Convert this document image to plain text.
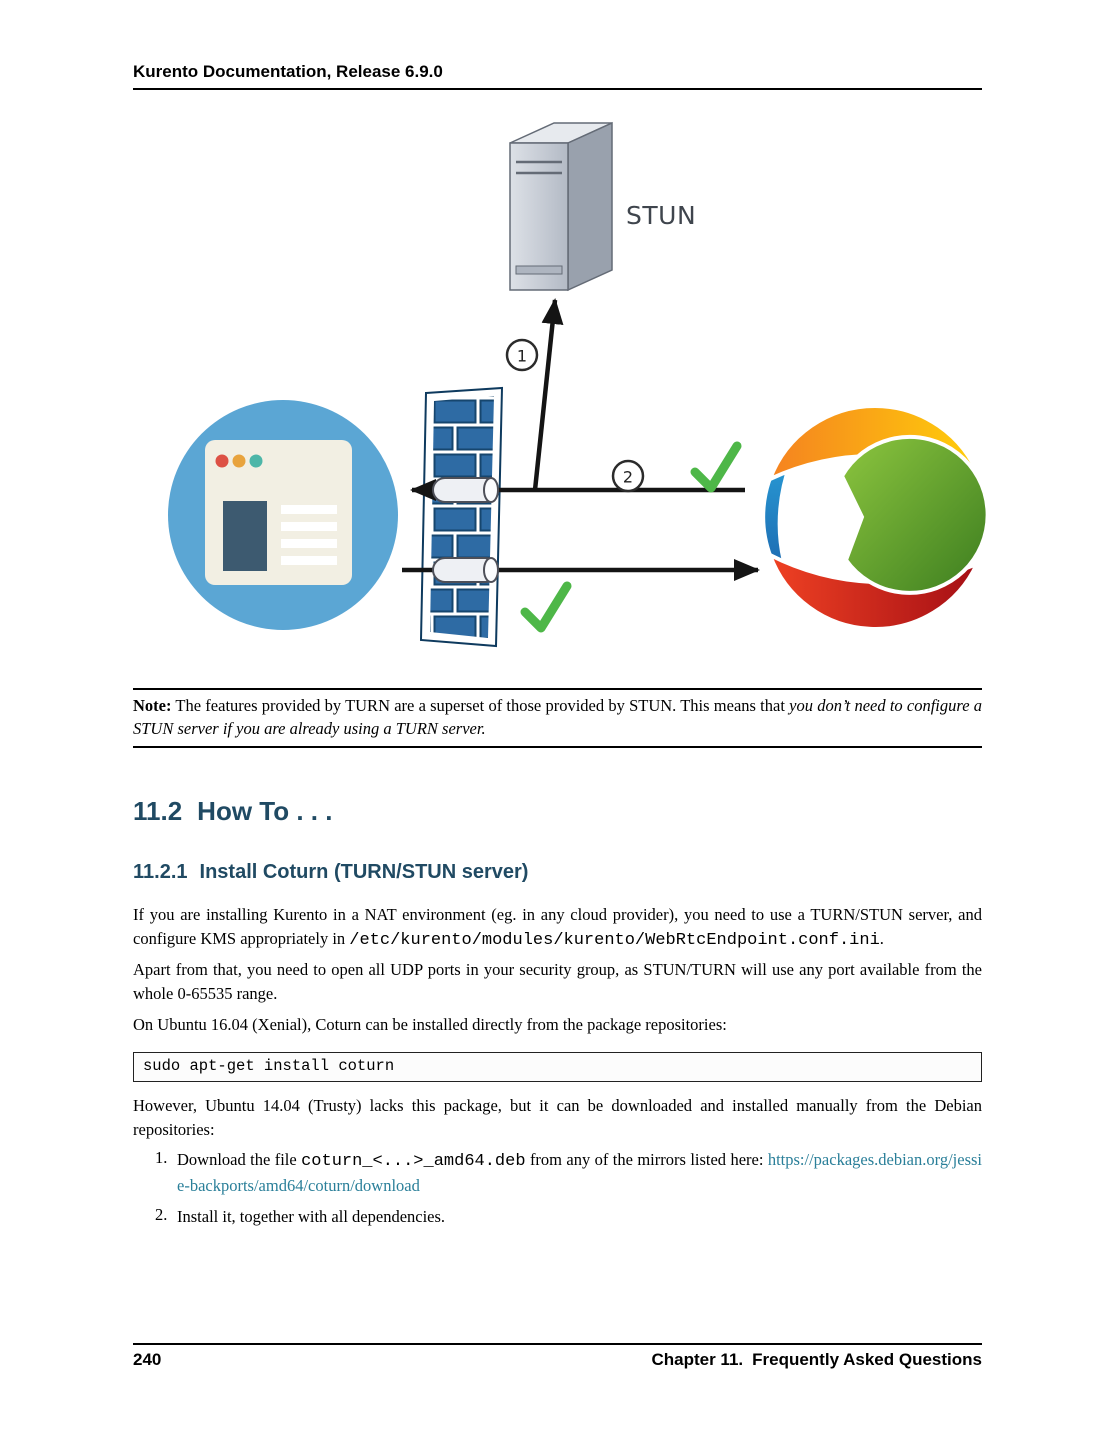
Kurento Documentation, Release 6.9.0
STUN
1
2
Note: The features provided by TURN are a superset of those provided by STUN. This means that you don’t need to configure a STUN server if you are already using a TURN server.
11.2 How To . . .
11.2.1 Install Coturn (TURN/STUN server)
If you are installing Kurento in a NAT environment (eg. in any cloud provider), you need to use a TURN/STUN server, and configure KMS appropriately in /etc/kurento/modules/kurento/WebRtcEndpoint.conf.ini.
Apart from that, you need to open all UDP ports in your security group, as STUN/TURN will use any port available from the whole 0-65535 range.
On Ubuntu 16.04 (Xenial), Coturn can be installed directly from the package repositories:
sudo apt-get install coturn
However, Ubuntu 14.04 (Trusty) lacks this package, but it can be downloaded and installed manually from the Debian repositories:
1. Download the file coturn_<...>_amd64.deb from any of the mirrors listed here: https://packages.debian.org/jessie-backports/amd64/coturn/download
2. Install it, together with all dependencies.
240	Chapter 11. Frequently Asked Questions
